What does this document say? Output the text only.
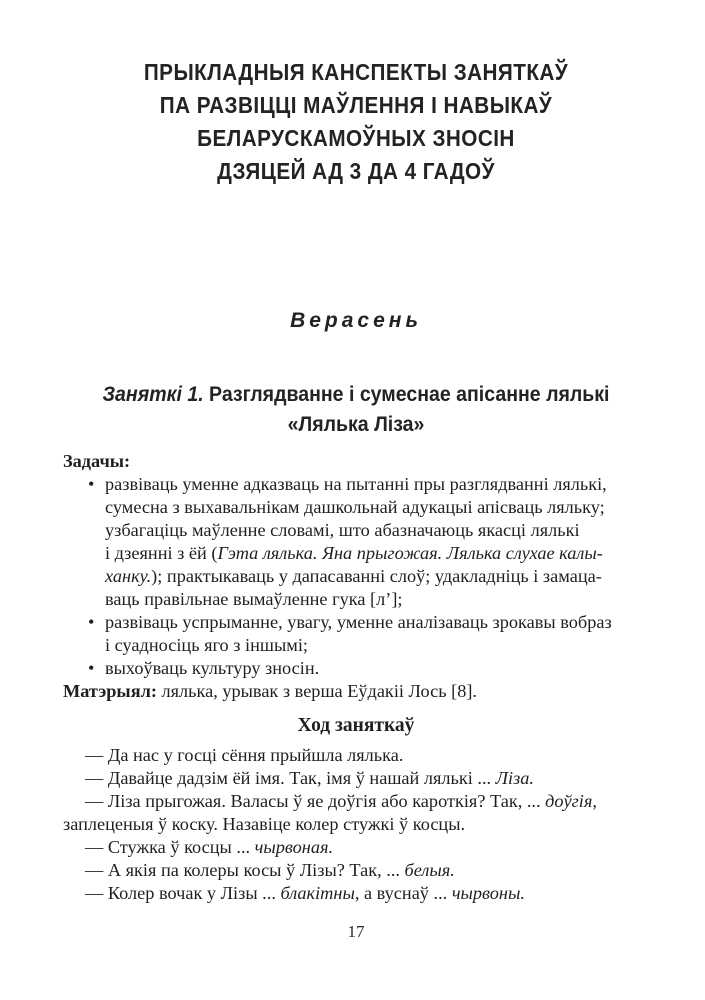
ПРЫКЛАДНЫЯ КАНСПЕКТЫ ЗАНЯТКАЎ
ПА РАЗВІЦЦІ МАЎЛЕННЯ І НАВЫКАЎ
БЕЛАРУСКАМОЎНЫХ ЗНОСІН
ДЗЯЦЕЙ АД 3 ДА 4 ГАДОЎ
Верасень
Заняткі 1. Разглядванне і сумеснае апісанне лялькі
«Лялька Ліза»
Задачы:
• развіваць уменне адказваць на пытанні пры разглядванні лялькі,
сумесна з выхавальнікам дашкольнай адукацыі апісваць ляльку;
узбагаціць маўленне словамі, што абазначаюць якасці лялькі
і дзеянні з ёй (Гэта лялька. Яна прыгожая. Лялька слухае калы-
ханку.); практыкаваць у дапасаванні слоў; удакладніць і замаца-
ваць правільнае вымаўленне гука [л’];
• развіваць успрыманне, увагу, уменне аналізаваць зрокавы вобраз
і суадносіць яго з іншымі;
• выхоўваць культуру зносін.

Матэрыял: лялька, урывак з верша Еўдакіі Лось [8].

Ход заняткаў

— Да нас у госці сёння прыйшла лялька.

— Давайце дадзім ёй імя. Так, імя ў нашай лялькі ... Ліза.

— Ліза прыгожая. Валасы ў яе доўгія або кароткія? Так, ... доўгія,
заплеценыя ў коску. Назавіце колер стужкі ў косцы.

— Стужка ў косцы ... чырвоная.

— А якія па колеры косы ў Лізы? Так, ... белыя.

— Колер вочак у Лізы ... блакітны, а вуснаў ... чырвоны.

17
